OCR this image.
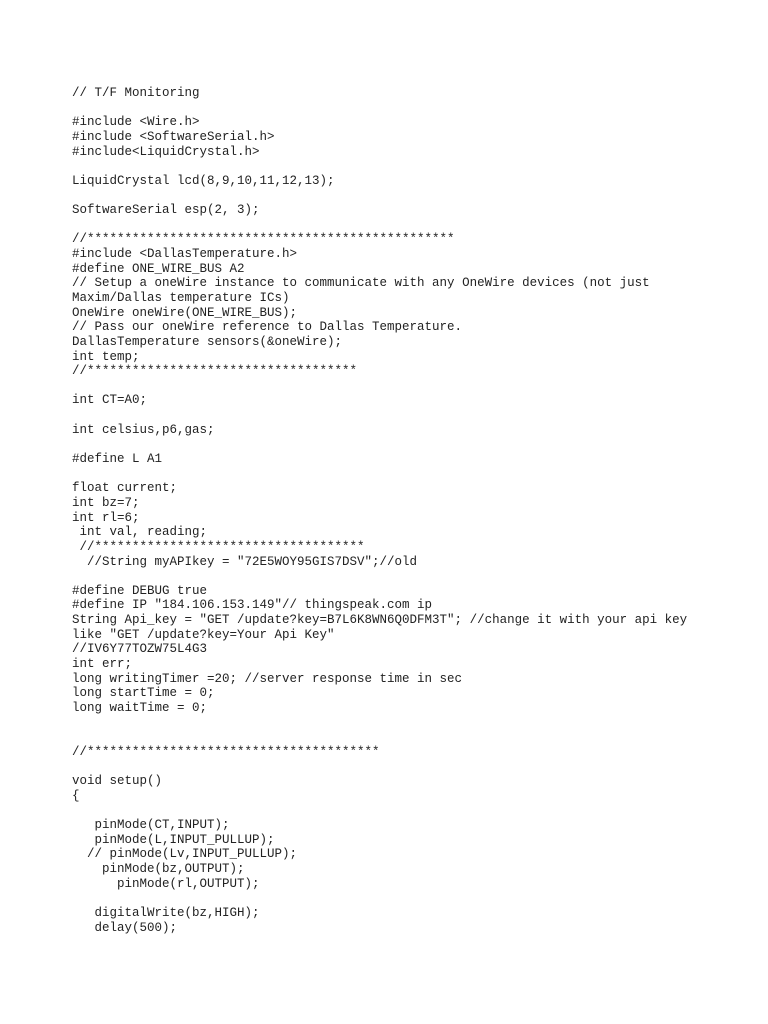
// T/F Monitoring
#include <Wire.h>
#include <SoftwareSerial.h>
#include<LiquidCrystal.h>
LiquidCrystal lcd(8,9,10,11,12,13);
SoftwareSerial esp(2, 3);
//*************************************************
#include <DallasTemperature.h>
#define ONE_WIRE_BUS A2
// Setup a oneWire instance to communicate with any OneWire devices (not just
Maxim/Dallas temperature ICs)
OneWire oneWire(ONE_WIRE_BUS);
// Pass our oneWire reference to Dallas Temperature.
DallasTemperature sensors(&oneWire);
int temp;
//************************************
int CT=A0;
int celsius,p6,gas;
#define L A1
float current;
int bz=7;
int rl=6;
int val, reading;
//************************************
//String myAPIkey = "72E5WOY95GIS7DSV";//old
#define DEBUG true
#define IP "184.106.153.149"// thingspeak.com ip
String Api_key = "GET /update?key=B7L6K8WN6Q0DFM3T"; //change it with your api key
like "GET /update?key=Your Api Key"
//IV6Y77TOZW75L4G3
int err;
long writingTimer =20; //server response time in sec
long startTime = 0;
long waitTime = 0;
//***************************************
void setup()
{
pinMode(CT,INPUT);
pinMode(L,INPUT_PULLUP);
// pinMode(Lv,INPUT_PULLUP);
pinMode(bz,OUTPUT);
pinMode(rl,OUTPUT);
digitalWrite(bz,HIGH);
delay(500);
